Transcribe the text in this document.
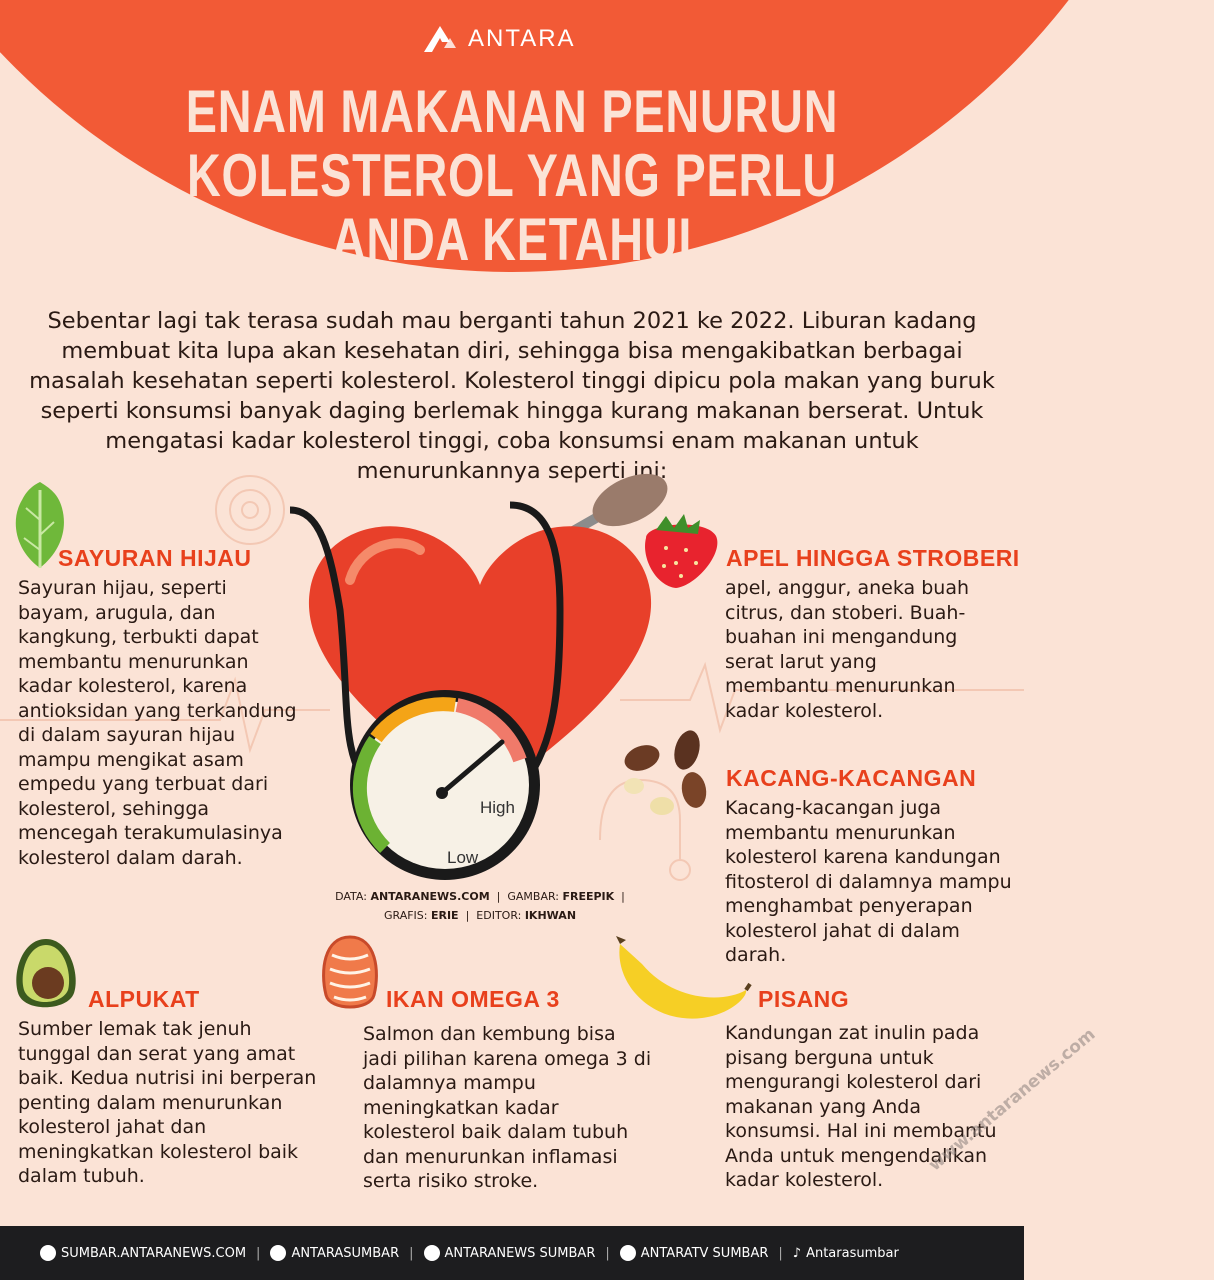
ANTARA
ENAM MAKANAN PENURUN KOLESTEROL YANG PERLU ANDA KETAHUI

Sebentar lagi tak terasa sudah mau berganti tahun 2021 ke 2022. Liburan kadang membuat kita lupa akan kesehatan diri, sehingga bisa mengakibatkan berbagai masalah kesehatan seperti kolesterol. Kolesterol tinggi dipicu pola makan yang buruk seperti konsumsi banyak daging berlemak hingga kurang makanan berserat. Untuk mengatasi kadar kolesterol tinggi, coba konsumsi enam makanan untuk menurunkannya seperti ini:

High
Low
DATA: ANTARANEWS.COM  |  GAMBAR: FREEPIK  |
GRAFIS: ERIE  |  EDITOR: IKHWAN
SAYURAN HIJAU

Sayuran hijau, seperti bayam, arugula, dan kangkung, terbukti dapat membantu menurunkan kadar kolesterol, karena antioksidan yang terkandung di dalam sayuran hijau mampu mengikat asam empedu yang terbuat dari kolesterol, sehingga mencegah terakumulasinya kolesterol dalam darah.

APEL HINGGA STROBERI

apel, anggur, aneka buah citrus, dan stoberi. Buah-buahan ini mengandung serat larut yang membantu menurunkan kadar kolesterol.

KACANG-KACANGAN

Kacang-kacangan juga membantu menurunkan kolesterol karena kandungan fitosterol di dalamnya mampu menghambat penyerapan kolesterol jahat di dalam darah.

ALPUKAT

Sumber lemak tak jenuh tunggal dan serat yang amat baik. Kedua nutrisi ini berperan penting dalam menurunkan kolesterol jahat dan meningkatkan kolesterol baik dalam tubuh.

IKAN OMEGA 3

Salmon dan kembung bisa jadi pilihan karena omega 3 di dalamnya mampu meningkatkan kadar kolesterol baik dalam tubuh dan menurunkan inflamasi serta risiko stroke.

PISANG

Kandungan zat inulin pada pisang berguna untuk mengurangi kolesterol dari makanan yang Anda konsumsi. Hal ini membantu Anda untuk mengendalikan kadar kolesterol.

www.antaranews.com
SUMBAR.ANTARANEWS.COM | ANTARASUMBAR | ANTARANEWS SUMBAR | ANTARATV SUMBAR | ♪ Antarasumbar
